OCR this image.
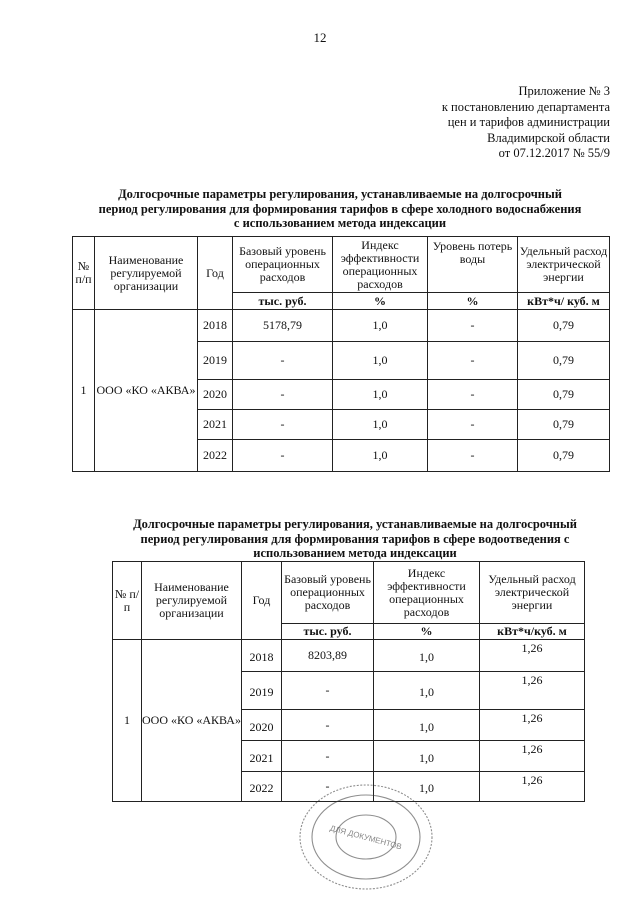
12
Приложение № 3
к постановлению департамента
цен и тарифов администрации
Владимирской области
от 07.12.2017 № 55/9
Долгосрочные параметры регулирования, устанавливаемые на долгосрочный
период регулирования для формирования тарифов в сфере холодного водоснабжения
с использованием метода индексации
№ п/п	Наименование регулируемой организации	Год	Базовый уровень операционных расходов	Индекс эффективности операционных расходов	Уровень потерь воды	Удельный расход электрической энергии
			тыс. руб.	%	%	кВт*ч/ куб. м
1	ООО «КО «АКВА»	2018	5178,79	1,0	-	0,79
		2019	-	1,0	-	0,79
		2020	-	1,0	-	0,79
		2021	-	1,0	-	0,79
		2022	-	1,0	-	0,79
Долгосрочные параметры регулирования, устанавливаемые на долгосрочный
период регулирования для формирования тарифов в сфере водоотведения с
использованием метода индексации
№ п/п	Наименование регулируемой организации	Год	Базовый уровень операционных расходов	Индекс эффективности операционных расходов	Удельный расход электрической энергии
			тыс. руб.	%	кВт*ч/куб. м
1	ООО «КО «АКВА»	2018	8203,89	1,0	1,26
		2019	-	1,0	1,26
		2020	-	1,0	1,26
		2021	-	1,0	1,26
		2022	-	1,0	1,26
ДЛЯ ДОКУМЕНТОВ
